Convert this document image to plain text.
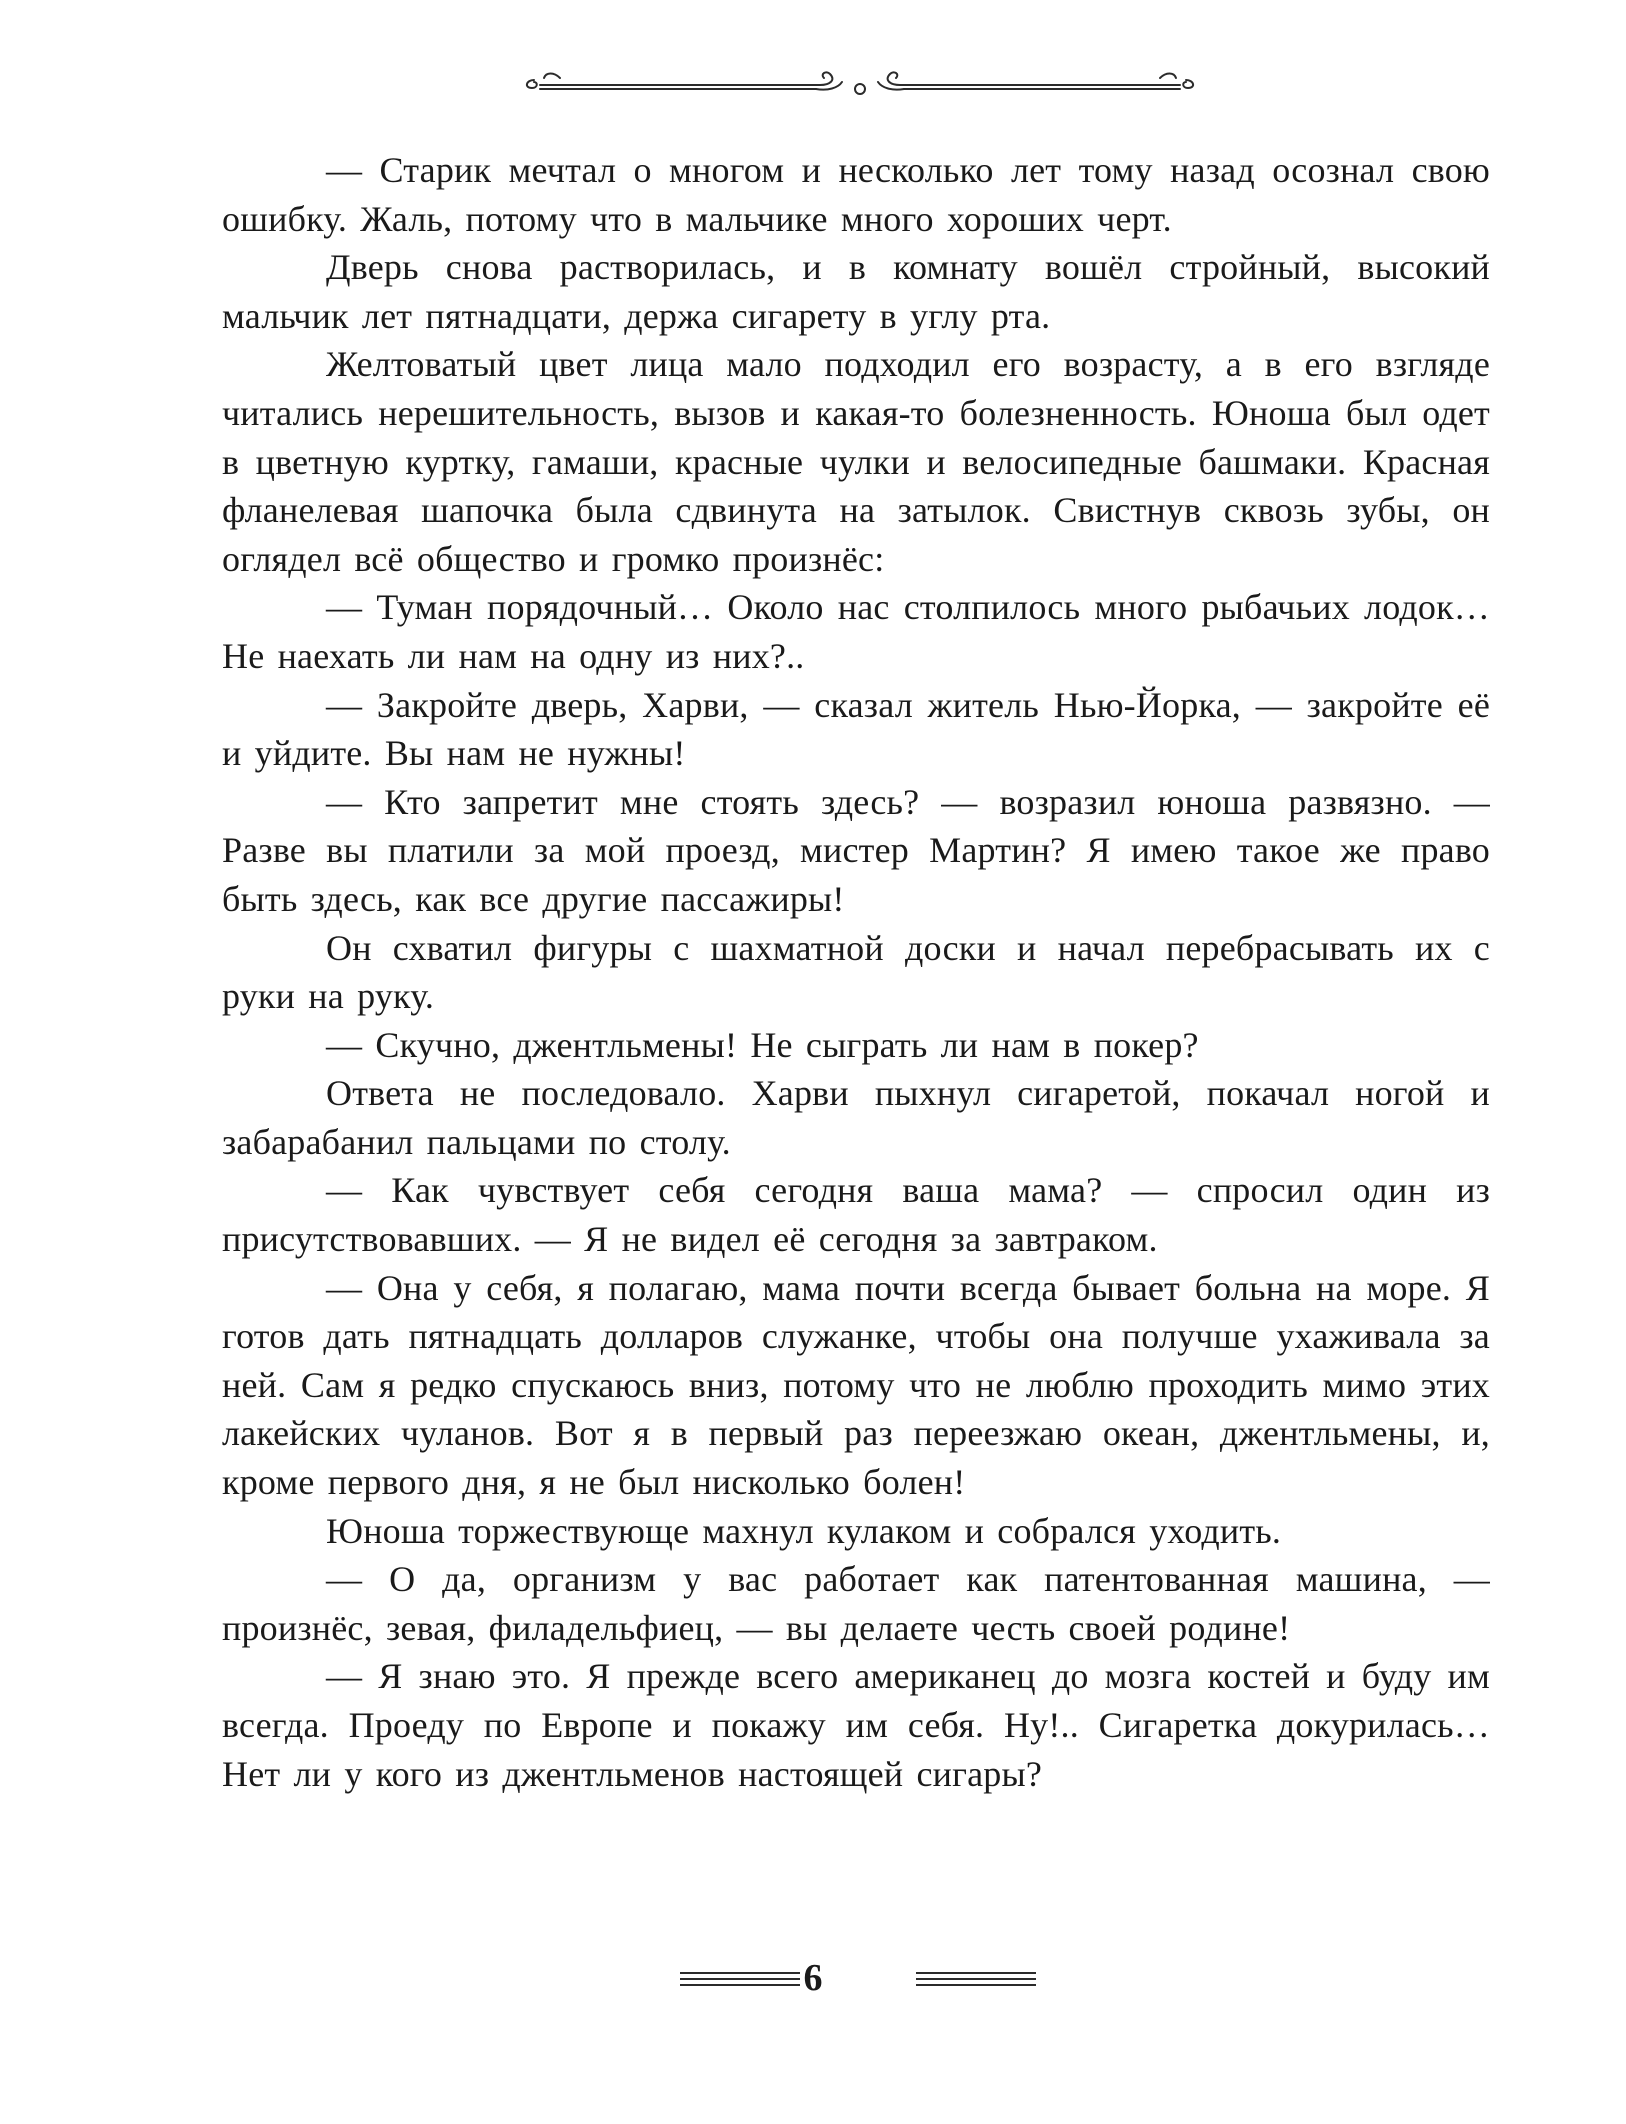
— Старик мечтал о многом и несколько лет тому назад осознал свою ошибку. Жаль, потому что в мальчике много хороших черт.

Дверь снова растворилась, и в комнату вошёл стройный, высокий мальчик лет пятнадцати, держа сигарету в углу рта.

Желтоватый цвет лица мало подходил его возрасту, а в его взгляде читались нерешительность, вызов и какая-то болезненность. Юноша был одет в цветную куртку, гамаши, красные чулки и велосипедные башмаки. Красная фланелевая шапочка была сдвинута на затылок. Свистнув сквозь зубы, он оглядел всё общество и громко произнёс:

— Туман порядочный… Около нас столпилось много рыбачьих лодок… Не наехать ли нам на одну из них?..

— Закройте дверь, Харви, — сказал житель Нью-Йорка, — закройте её и уйдите. Вы нам не нужны!

— Кто запретит мне стоять здесь? — возразил юноша развязно. — Разве вы платили за мой проезд, мистер Мартин? Я имею такое же право быть здесь, как все другие пассажиры!

Он схватил фигуры с шахматной доски и начал перебрасывать их с руки на руку.

— Скучно, джентльмены! Не сыграть ли нам в покер?

Ответа не последовало. Харви пыхнул сигаретой, покачал ногой и забарабанил пальцами по столу.

— Как чувствует себя сегодня ваша мама? — спросил один из присутствовавших. — Я не видел её сегодня за завтраком.

— Она у себя, я полагаю, мама почти всегда бывает больна на море. Я готов дать пятнадцать долларов служанке, чтобы она получше ухаживала за ней. Сам я редко спускаюсь вниз, потому что не люблю проходить мимо этих лакейских чуланов. Вот я в первый раз переезжаю океан, джентльмены, и, кроме первого дня, я не был нисколько болен!

Юноша торжествующе махнул кулаком и собрался уходить.

— О да, организм у вас работает как патентованная машина, — произнёс, зевая, филадельфиец, — вы делаете честь своей родине!

— Я знаю это. Я прежде всего американец до мозга костей и буду им всегда. Проеду по Европе и покажу им себя. Ну!.. Сигаретка докурилась… Нет ли у кого из джентльменов настоящей сигары?

6
